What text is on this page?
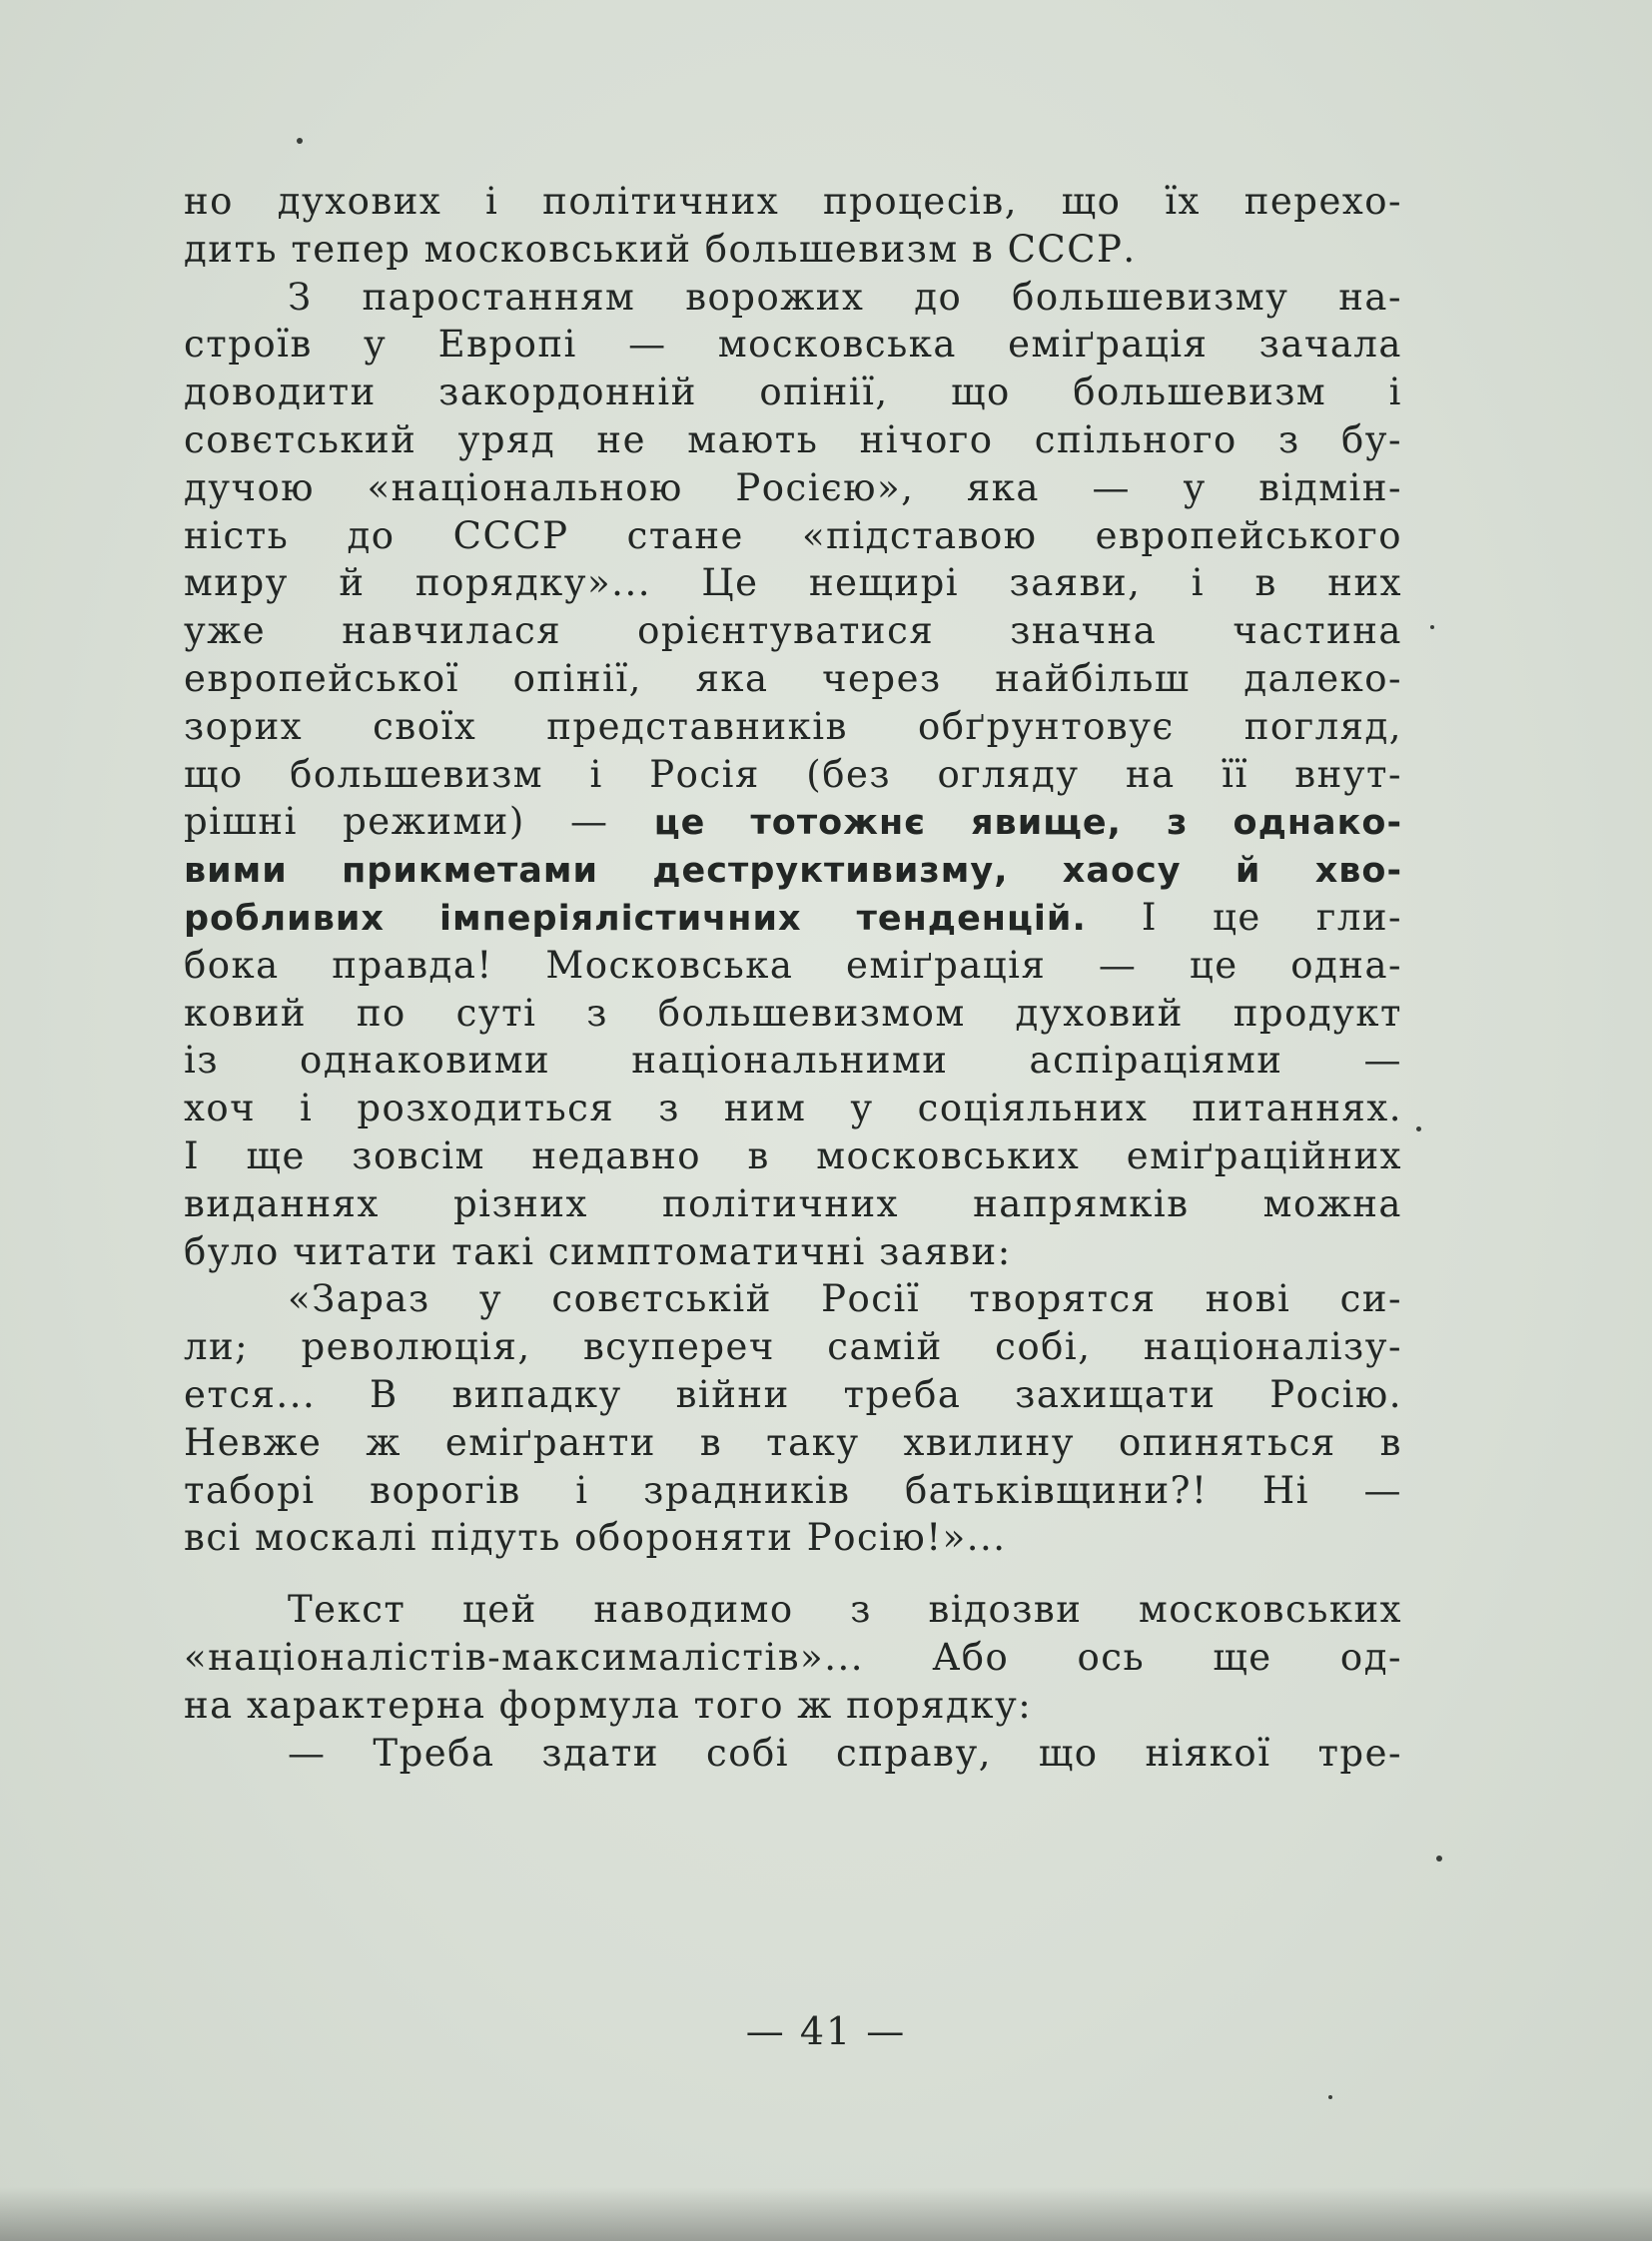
но духових і політичних процесів, що їх перехо-
дить тепер московський большевизм в СССР.
З паростанням ворожих до большевизму на-
строїв у Европі — московська еміґрація зачала
доводити закордонній опінії, що большевизм і
совєтський уряд не мають нічого спільного з бу-
дучою «національною Росією», яка — у відмін-
ність до СССР стане «підставою европейського
миру й порядку»... Це нещирі заяви, і в них
уже навчилася орієнтуватися значна частина
европейської опінії, яка через найбільш далеко-
зорих своїх представників обґрунтовує погляд,
що большевизм і Росія (без огляду на її внут-
рішні режими) — це тотожнє явище, з однако-
вими прикметами деструктивизму, хаосу й хво-
робливих імперіялістичних тенденцій. І це гли-
бока правда! Московська еміґрація — це одна-
ковий по суті з большевизмом духовий продукт
із однаковими національними аспіраціями —
хоч і розходиться з ним у соціяльних питаннях.
І ще зовсім недавно в московських еміґраційних
виданнях різних політичних напрямків можна
було читати такі симптоматичні заяви:
«Зарaз у совєтській Росії творятся нові си-
ли; революція, всупереч самій собі, націоналізу-
ется... В випадку війни треба захищати Росію.
Невже ж еміґранти в таку хвилину опиняться в
таборі ворогів і зрадників батьківщини?! Ні —
всі москалі підуть обороняти Росію!»...
Текст цей наводимо з відозви московських
«націоналістів-максималістів»... Або ось ще од-
на характерна формула того ж порядку:
— Треба здати собі справу, що ніякої тре-
— 41 —
